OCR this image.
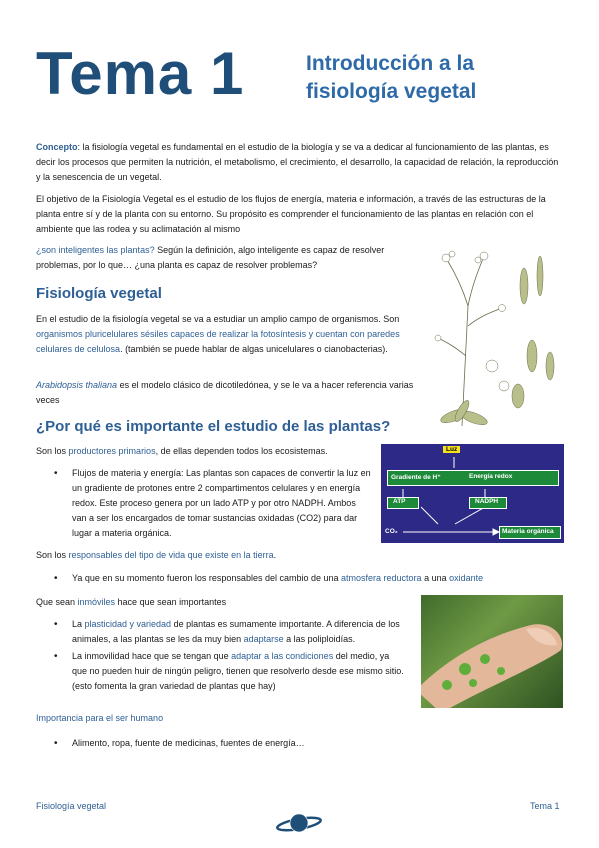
Tema 1	Introducción a la
fisiología vegetal

Concepto: la fisiología vegetal es fundamental en el estudio de la biología y se va a dedicar al funcionamiento de las plantas, es decir los procesos que permiten la nutrición, el metabolismo, el crecimiento, el desarrollo, la capacidad de relación, la reproducción y la senescencia de un vegetal.

El objetivo de la Fisiología Vegetal es el estudio de los flujos de energía, materia e información, a través de las estructuras de la planta entre sí y de la planta con su entorno. Su propósito es comprender el funcionamiento de las plantas en relación con el ambiente que las rodea y su aclimatación al mismo

¿son inteligentes las plantas? Según la definición, algo inteligente es capaz de resolver problemas, por lo que… ¿una planta es capaz de resolver problemas?

Fisiología vegetal

En el estudio de la fisiología vegetal se va a estudiar un amplio campo de organismos. Son organismos pluricelulares sésiles capaces de realizar la fotosíntesis y cuentan con paredes celulares de celulosa. (también se puede hablar de algas unicelulares o cianobacterias).

Arabidopsis thaliana es el modelo clásico de dicotiledónea, y se le va a hacer referencia varias veces

¿Por qué es importante el estudio de las plantas?

Son los productores primarios, de ellas dependen todos los ecosistemas.

• Flujos de materia y energía: Las plantas son capaces de convertir la luz en un gradiente de protones entre 2 compartimentos celulares y en energía redox. Este proceso genera por un lado ATP y por otro NADPH. Ambos van a ser los encargados de tomar sustancias oxidadas (CO2) para dar lugar a materia orgánica.
Luz
Gradiente de H⁺	Energía redox
ATP	NADPH
CO₂	Materia orgánica

Son los responsables del tipo de vida que existe en la tierra.

• Ya que en su momento fueron los responsables del cambio de una atmosfera reductora a una oxidante

Que sean inmóviles hace que sean importantes

• La plasticidad y variedad de plantas es sumamente importante. A diferencia de los animales, a las plantas se les da muy bien adaptarse a las poliploidías.
• La inmovilidad hace que se tengan que adaptar a las condiciones del medio, ya que no pueden huir de ningún peligro, tienen que resolverlo desde ese mismo sitio. (esto fomenta la gran variedad de plantas que hay)
Importancia para el ser humano
• Alimento, ropa, fuente de medicinas, fuentes de energía…
Fisiología vegetal	Tema 1
